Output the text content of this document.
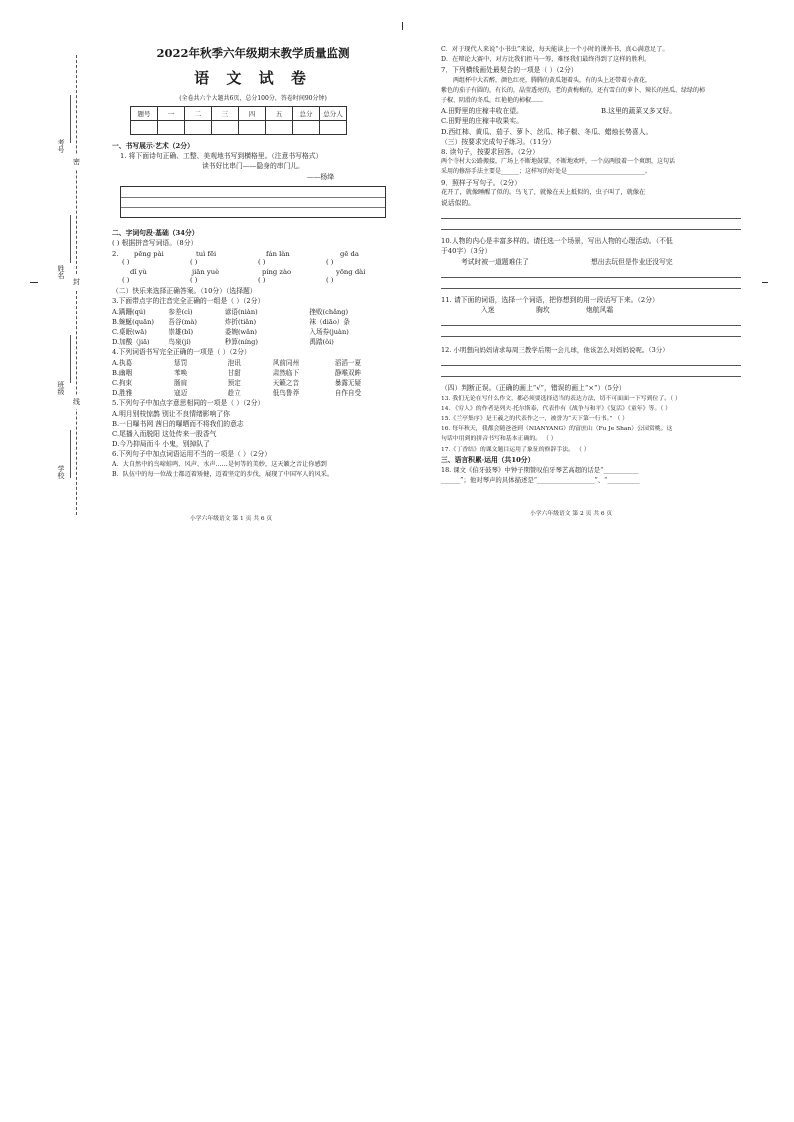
考号
姓名
班级
学校
密
封
线
2022年秋季六年级期末教学质量监测
语 文 试 卷
(全卷共六个大题共6页，总分100分，答卷时间90分钟)
题号	一	二	三	四	五	总分	总分人

一、书写展示·艺术（2分）
1. 将下面诗句正确、工整、美观地书写到横格里。（注意书写格式）
读书好比串门——隐身的串门儿。
——杨绛
二、字词句段·基础（34分）
( ) 根据拼音写词语。（8分）
2.	pēng pài	tuì fēi	fán làn	gē da
( )	( )	( )	( )
dǐ yù	jiān yuè	píng zào	yōng dài
( )	( )	( )	( )
（二）快乐来选择正确答案。（10分）（选择题）
3.下面带点字的注音完全正确的一组是（ ）（2分）
A.蹒跚(qú)	参差(cì)	谚语(niàn)	挫败(chǎng)
B.蜿蜒(quān)	吾谷(mà)	炸折(tiǎn)	袜（diāo）条
C.桌眠(wā)	崇雄(bǐ)	委婉(wǎn)	入场券(juàn)
D.加酸（jiā)	鸟泉(jí)	秒算(níng)	禹踏(ǒi)
4.下列词语书写完全正确的一项是（ ）（2分）
A.执葛	惩罚	泡讯	风前同州	滔滔一夏
B.幽咽	苯唤	甘甜	肃然临下	静喉双眸
C.拘束	肠肩	预定	天籁之音	暴露无疑
D.胜雅	寇迈	趁立	低鸟鲁莽	自作自受
5.下列句子中加点字意思相同的一项是（ ）（2分）
A.明月别枝惊鹊 别让不良情绪影响了你
B.一日曝书网 茜日的曝晒而不将我们的意志
C.尾播入而脱阳 这处传来一股香气
D.今乃抑局而斗 小鬼，别掉队了
6.下列句子中加点词语运用不当的一项是（ ）（2分）
A．大自然中的鸟啼蛙鸣、风声、水声……是何等的美妙，这天籁之音让你感到
B．队伍中的每一位战士都迈着矫健，迈着坚定的步伐，展现了中国军人的风采。
小学六年级语文 第 1 页 共 6 页
C．对于现代人来说“小书虫”来说，每天能读上一个小时的课外书，真心满意足了。
D．在辩论大赛中，对方比我们拒马一筹，难怪我们最终得到了这样的胜利。
7．下列横线画处最契合的一项是（ ）（2分）
两组杯中大若醉，颜色红亮，腾腾的黄瓜翅着头，有的头上还带着小黄花，
紫色的茄子有圆的，有长的，晶莹透亮的，老的黄梅梅的，还有雪白的萝卜、辣长的丝瓜、绿绿的柿
子椒、阴滑的冬瓜，红艳艳的柿椒……
A.田野里的庄稼丰收在望。	B.这里的蔬菜又多又好。
C.田野里的庄稼丰收果实。
D.西红柿、黄瓜、茄子、萝卜、丝瓜、柿子椒、冬瓜、蜡烛长势喜人。
（三）按要求完成句子练习。（11分）
8. 读句子，按要求回答。（2分）
两个寺村大公路搬接，广场上不断地鼓掌，不断地欢呼，一个高两股着一个爽朗，这句话
采用的修辞手法主要是______；这样写的好处是__________________________。
9．照样子写句子。（2分）
花开了，就像睡醒了似的。鸟飞了，就像在天上抵似的，虫子叫了，就像在
说话似的。
10.人物的内心是丰富多样的。请任选一个场景，写出人物的心理活动。（不低
于40字）（3分）
考试时被一道题难住了	想出去玩但是作业还没写完
11. 请下面的词语，选择一个词语，把你想到的用一段话写下来。（2分）
入迷	胸坎	炮航风霜
12. 小明想向妈妈请求每周三教学后期一会儿球，他该怎么对妈妈说呢。（3分）
（四）判断正误。（正确的画上“√”，错误的画上“×”）（5分）
13. 我们无论在写什么作文，都必须要选择适当的表达方法，切不可面面一下写到位了。（ ）
14. 《穷人》的作者是列夫·托尔斯泰，代表作有《战争与和平》《复活》《童年》等。（ ）
15.《兰亭集序》是王羲之的代表作之一，被誉为“天下第一行书。” （ ）
16. 每年秋天，我都会随爸爸到（NIANYANG）的富庶山（Fu Je Shan）公园赏桃。这
句话中用到的拼音书写和基本正确的。 （ ）
17.《丁香结》的课文题目运用了象征的修辞手法。 （ ）
三、语言积累·运用（共10分）
18. 课文《伯牙鼓琴》中钟子期赞叹伯牙琴艺高超的话是“___________
______”；他对琴声的具体描述是“__________________”、“__________
小学六年级语文 第 2 页 共 6 页
